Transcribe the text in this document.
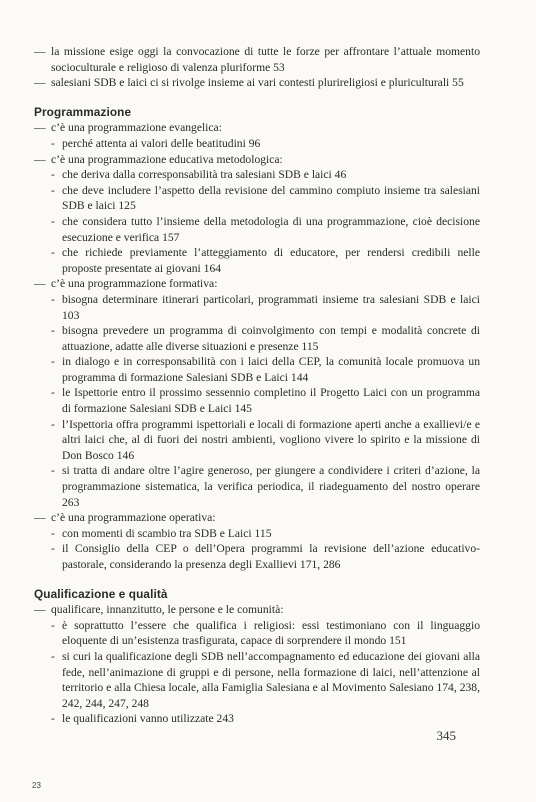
— la missione esige oggi la convocazione di tutte le forze per affrontare l’attuale momento socioculturale e religioso di valenza pluriforme 53
— salesiani SDB e laici ci si rivolge insieme ai vari contesti plurireligiosi e pluriculturali 55
Programmazione
— c’è una programmazione evangelica:
- perché attenta ai valori delle beatitudini 96
— c’è una programmazione educativa metodologica:
- che deriva dalla corresponsabilità tra salesiani SDB e laici 46
- che deve includere l’aspetto della revisione del cammino compiuto insieme tra salesiani SDB e laici 125
- che considera tutto l’insieme della metodologia di una programmazione, cioè decisione esecuzione e verifica 157
- che richiede previamente l’atteggiamento di educatore, per rendersi credibili nelle proposte presentate ai giovani 164
— c’è una programmazione formativa:
- bisogna determinare itinerari particolari, programmati insieme tra salesiani SDB e laici 103
- bisogna prevedere un programma di coinvolgimento con tempi e modalità concrete di attuazione, adatte alle diverse situazioni e presenze 115
- in dialogo e in corresponsabilità con i laici della CEP, la comunità locale promuova un programma di formazione Salesiani SDB e Laici 144
- le Ispettorie entro il prossimo sessennio completino il Progetto Laici con un programma di formazione Salesiani SDB e Laici 145
- l’Ispettoria offra programmi ispettoriali e locali di formazione aperti anche a exallievi/e e altri laici che, al di fuori dei nostri ambienti, vogliono vivere lo spirito e la missione di Don Bosco 146
- si tratta di andare oltre l’agire generoso, per giungere a condividere i criteri d’azione, la programmazione sistematica, la verifica periodica, il riadeguamento del nostro operare 263
— c’è una programmazione operativa:
- con momenti di scambio tra SDB e Laici 115
- il Consiglio della CEP o dell’Opera programmi la revisione dell’azione educativo-pastorale, considerando la presenza degli Exallievi 171, 286
Qualificazione e qualità
— qualificare, innanzitutto, le persone e le comunità:
- è soprattutto l’essere che qualifica i religiosi: essi testimoniano con il linguaggio eloquente di un’esistenza trasfigurata, capace di sorprendere il mondo 151
- si curi la qualificazione degli SDB nell’accompagnamento ed educazione dei giovani alla fede, nell’animazione di gruppi e di persone, nella formazione di laici, nell’attenzione al territorio e alla Chiesa locale, alla Famiglia Salesiana e al Movimento Salesiano 174, 238, 242, 244, 247, 248
- le qualificazioni vanno utilizzate 243
345
23
